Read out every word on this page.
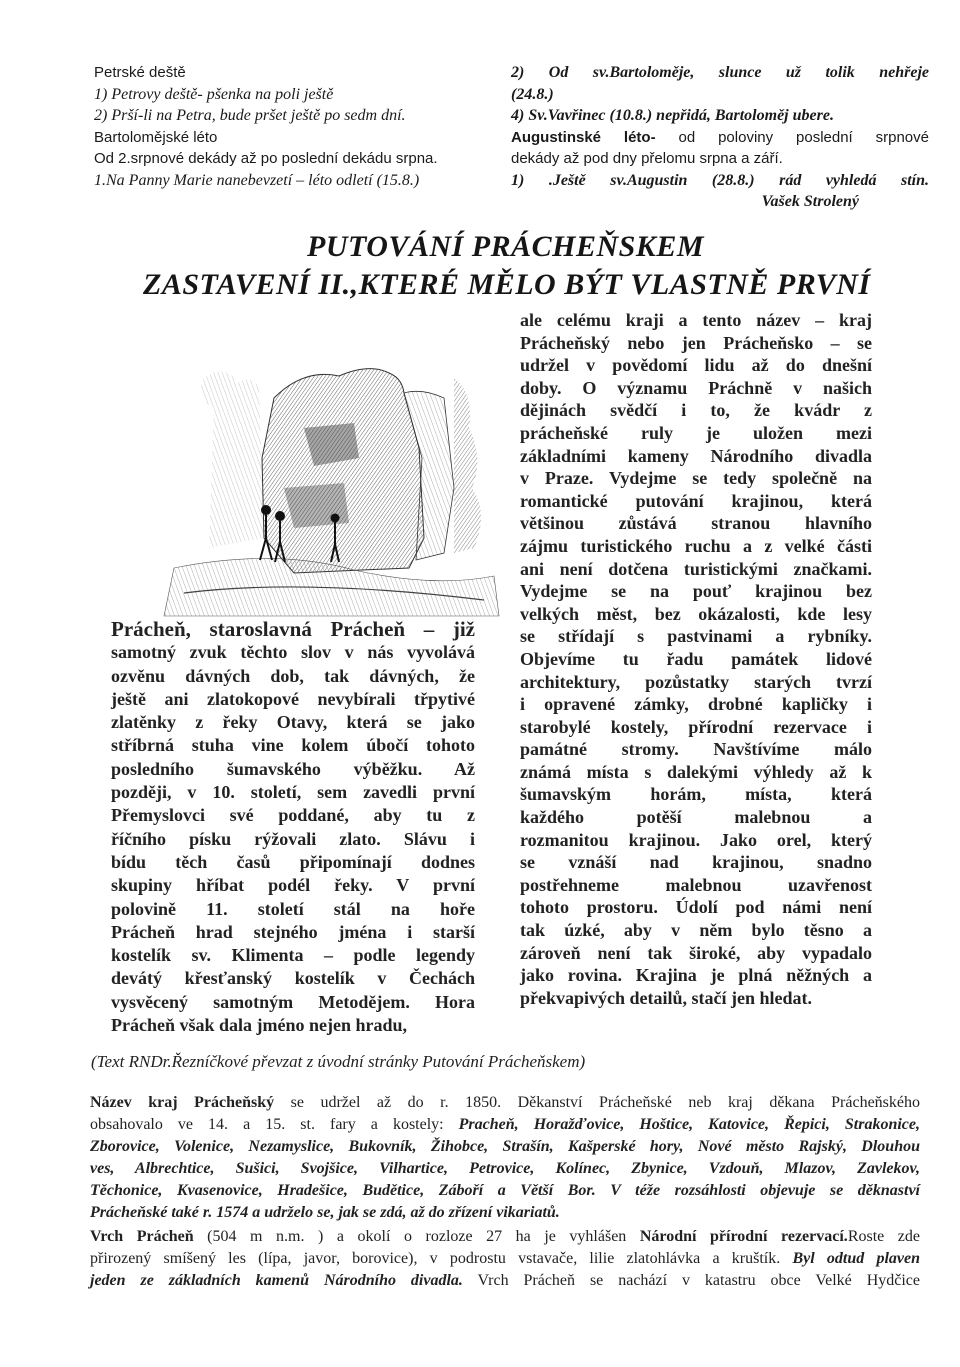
Petrské deště
1) Petrovy deště- pšenka na poli ještě
2) Prší-li na Petra, bude pršet ještě po sedm dní.
Bartolomějské léto
Od 2.srpnové dekády až po poslední dekádu srpna.
1.Na Panny Marie nanebevzetí – léto odletí (15.8.)
2) Od sv.Bartoloměje, slunce už tolik nehřeje
(24.8.)
4) Sv.Vavřinec (10.8.) nepřidá, Bartoloměj ubere.
Augustinské léto- od poloviny poslední srpnové
dekády až pod dny přelomu srpna a září.
1) .Ještě sv.Augustin (28.8.) rád vyhledá stín.
Vašek Strolený
PUTOVÁNÍ PRÁCHEŇSKEM
ZASTAVENÍ II.,KTERÉ MĚLO BÝT VLASTNĚ PRVNÍ
ale celému kraji a tento název – kraj
Prácheňský nebo jen Prácheňsko – se
udržel v povědomí lidu až do dnešní
doby. O významu Práchně v našich
dějinách svědčí i to, že kvádr z
prácheňské ruly je uložen mezi
základními kameny Národního divadla
v Praze. Vydejme se tedy společně na
romantické putování krajinou, která
většinou zůstává stranou hlavního
zájmu turistického ruchu a z velké části
ani není dotčena turistickými značkami.
Vydejme se na pouť krajinou bez
velkých měst, bez okázalosti, kde lesy
se střídají s pastvinami a rybníky.
Objevíme tu řadu památek lidové
architektury, pozůstatky starých tvrzí
i opravené zámky, drobné kapličky i
starobylé kostely, přírodní rezervace i
památné stromy. Navštívíme málo
známá místa s dalekými výhledy až k
šumavským horám, místa, která
každého potěší malebnou a
rozmanitou krajinou. Jako orel, který
se vznáší nad krajinou, snadno
postřehneme malebnou uzavřenost
tohoto prostoru. Údolí pod námi není
tak úzké, aby v něm bylo těsno a
zároveň není tak široké, aby vypadalo
jako rovina. Krajina je plná něžných a
překvapivých detailů, stačí jen hledat.
Prácheň, staroslavná Prácheň – již
samotný zvuk těchto slov v nás vyvolává
ozvěnu dávných dob, tak dávných, že
ještě ani zlatokopové nevybírali třpytivé
zlatěnky z řeky Otavy, která se jako
stříbrná stuha vine kolem úbočí tohoto
posledního šumavského výběžku. Až
později, v 10. století, sem zavedli první
Přemyslovci své poddané, aby tu z
říčního písku rýžovali zlato. Slávu i
bídu těch časů připomínají dodnes
skupiny hříbat podél řeky. V první
polovině 11. století stál na hoře
Prácheň hrad stejného jména i starší
kostelík sv. Klimenta – podle legendy
devátý křesťanský kostelík v Čechách
vysvěcený samotným Metodějem. Hora
Prácheň však dala jméno nejen hradu,
(Text RNDr.Řezníčkové převzat z úvodní stránky Putování Prácheňskem)
Název kraj Prácheňský se udržel až do r. 1850. Děkanství Prácheňské neb kraj děkana Prácheňského
obsahovalo ve 14. a 15. st. fary a kostely: Pracheň, Horažďovice, Hoštice, Katovice, Řepici, Strakonice,
Zborovice, Volenice, Nezamyslice, Bukovník, Žihobce, Strašín, Kašperské hory, Nové město Rajský, Dlouhou
ves, Albrechtice, Sušici, Svojšice, Vilhartice, Petrovice, Kolínec, Zbynice, Vzdouň, Mlazov, Zavlekov,
Těchonice, Kvasenovice, Hradešice, Budětice, Záboří a Větší Bor. V téže rozsáhlosti objevuje se děknaství
Prácheňské také r. 1574 a udrželo se, jak se zdá, až do zřízení vikariatů.
Vrch Prácheň (504 m n.m. ) a okolí o rozloze 27 ha je vyhlášen Národní přírodní rezervací.Roste zde
přirozený smíšený les (lípa, javor, borovice), v podrostu vstavače, lilie zlatohlávka a kruštík. Byl odtud plaven
jeden ze základních kamenů Národního divadla. Vrch Prácheň se nachází v katastru obce Velké Hydčice
